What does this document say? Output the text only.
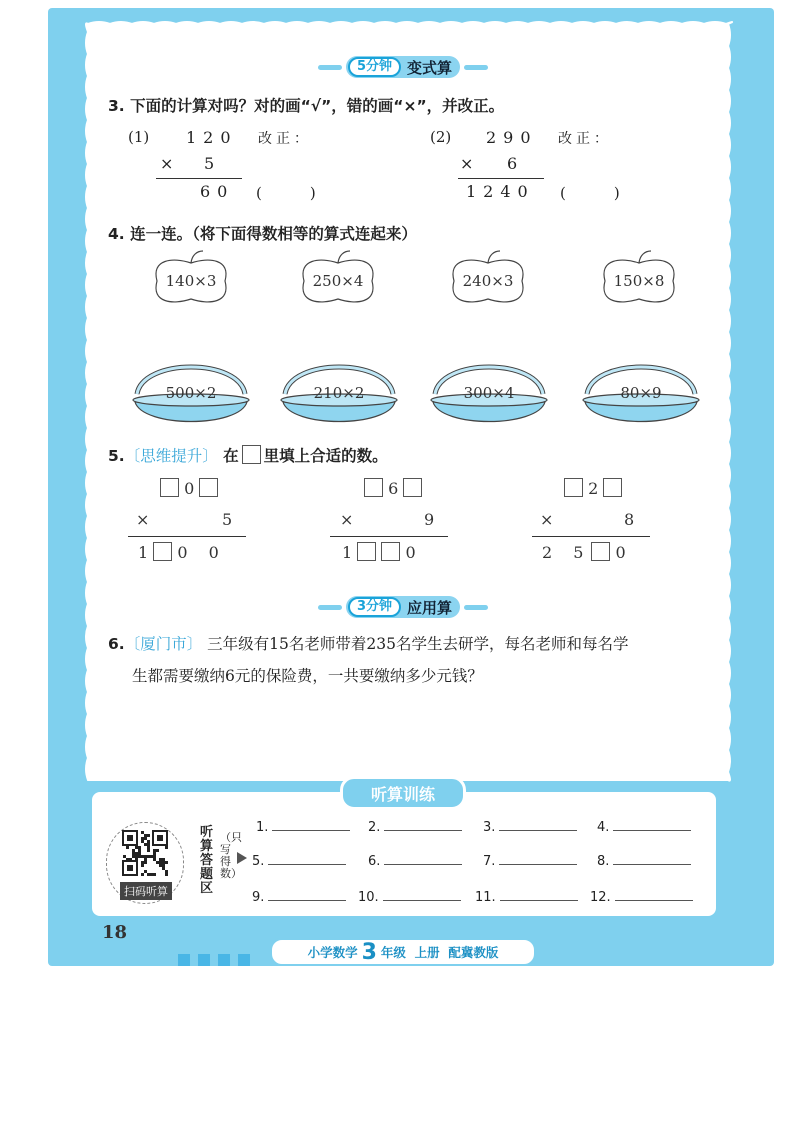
5分钟	变式算
3. 下面的计算对吗？对的画“√”，错的画“×”，并改正。
(1) 120 改正：
× 5
60 (　　)
(2) 290 改正：
× 6
1240 (　　)
4. 连一连。（将下面得数相等的算式连起来）
140×3	250×4	240×3	150×8
500×2	210×2	300×4	80×9
5.〔思维提升〕 在 里填上合适的数。
0
×	5
1 0 0
6
×	9
1	0
2
×	8
2 5 0
3分钟	应用算
6.〔厦门市〕 三年级有15名老师带着235名学生去研学，每名老师和每名学
生都需要缴纳6元的保险费，一共要缴纳多少元钱？
听算训练
扫码听算
听算答题区
（只写得数）
1.	2.	3.	4.
5.	6.	7.	8.
9.	10.	11.	12.
18
小学数学 3 年级
上册
配冀教版
